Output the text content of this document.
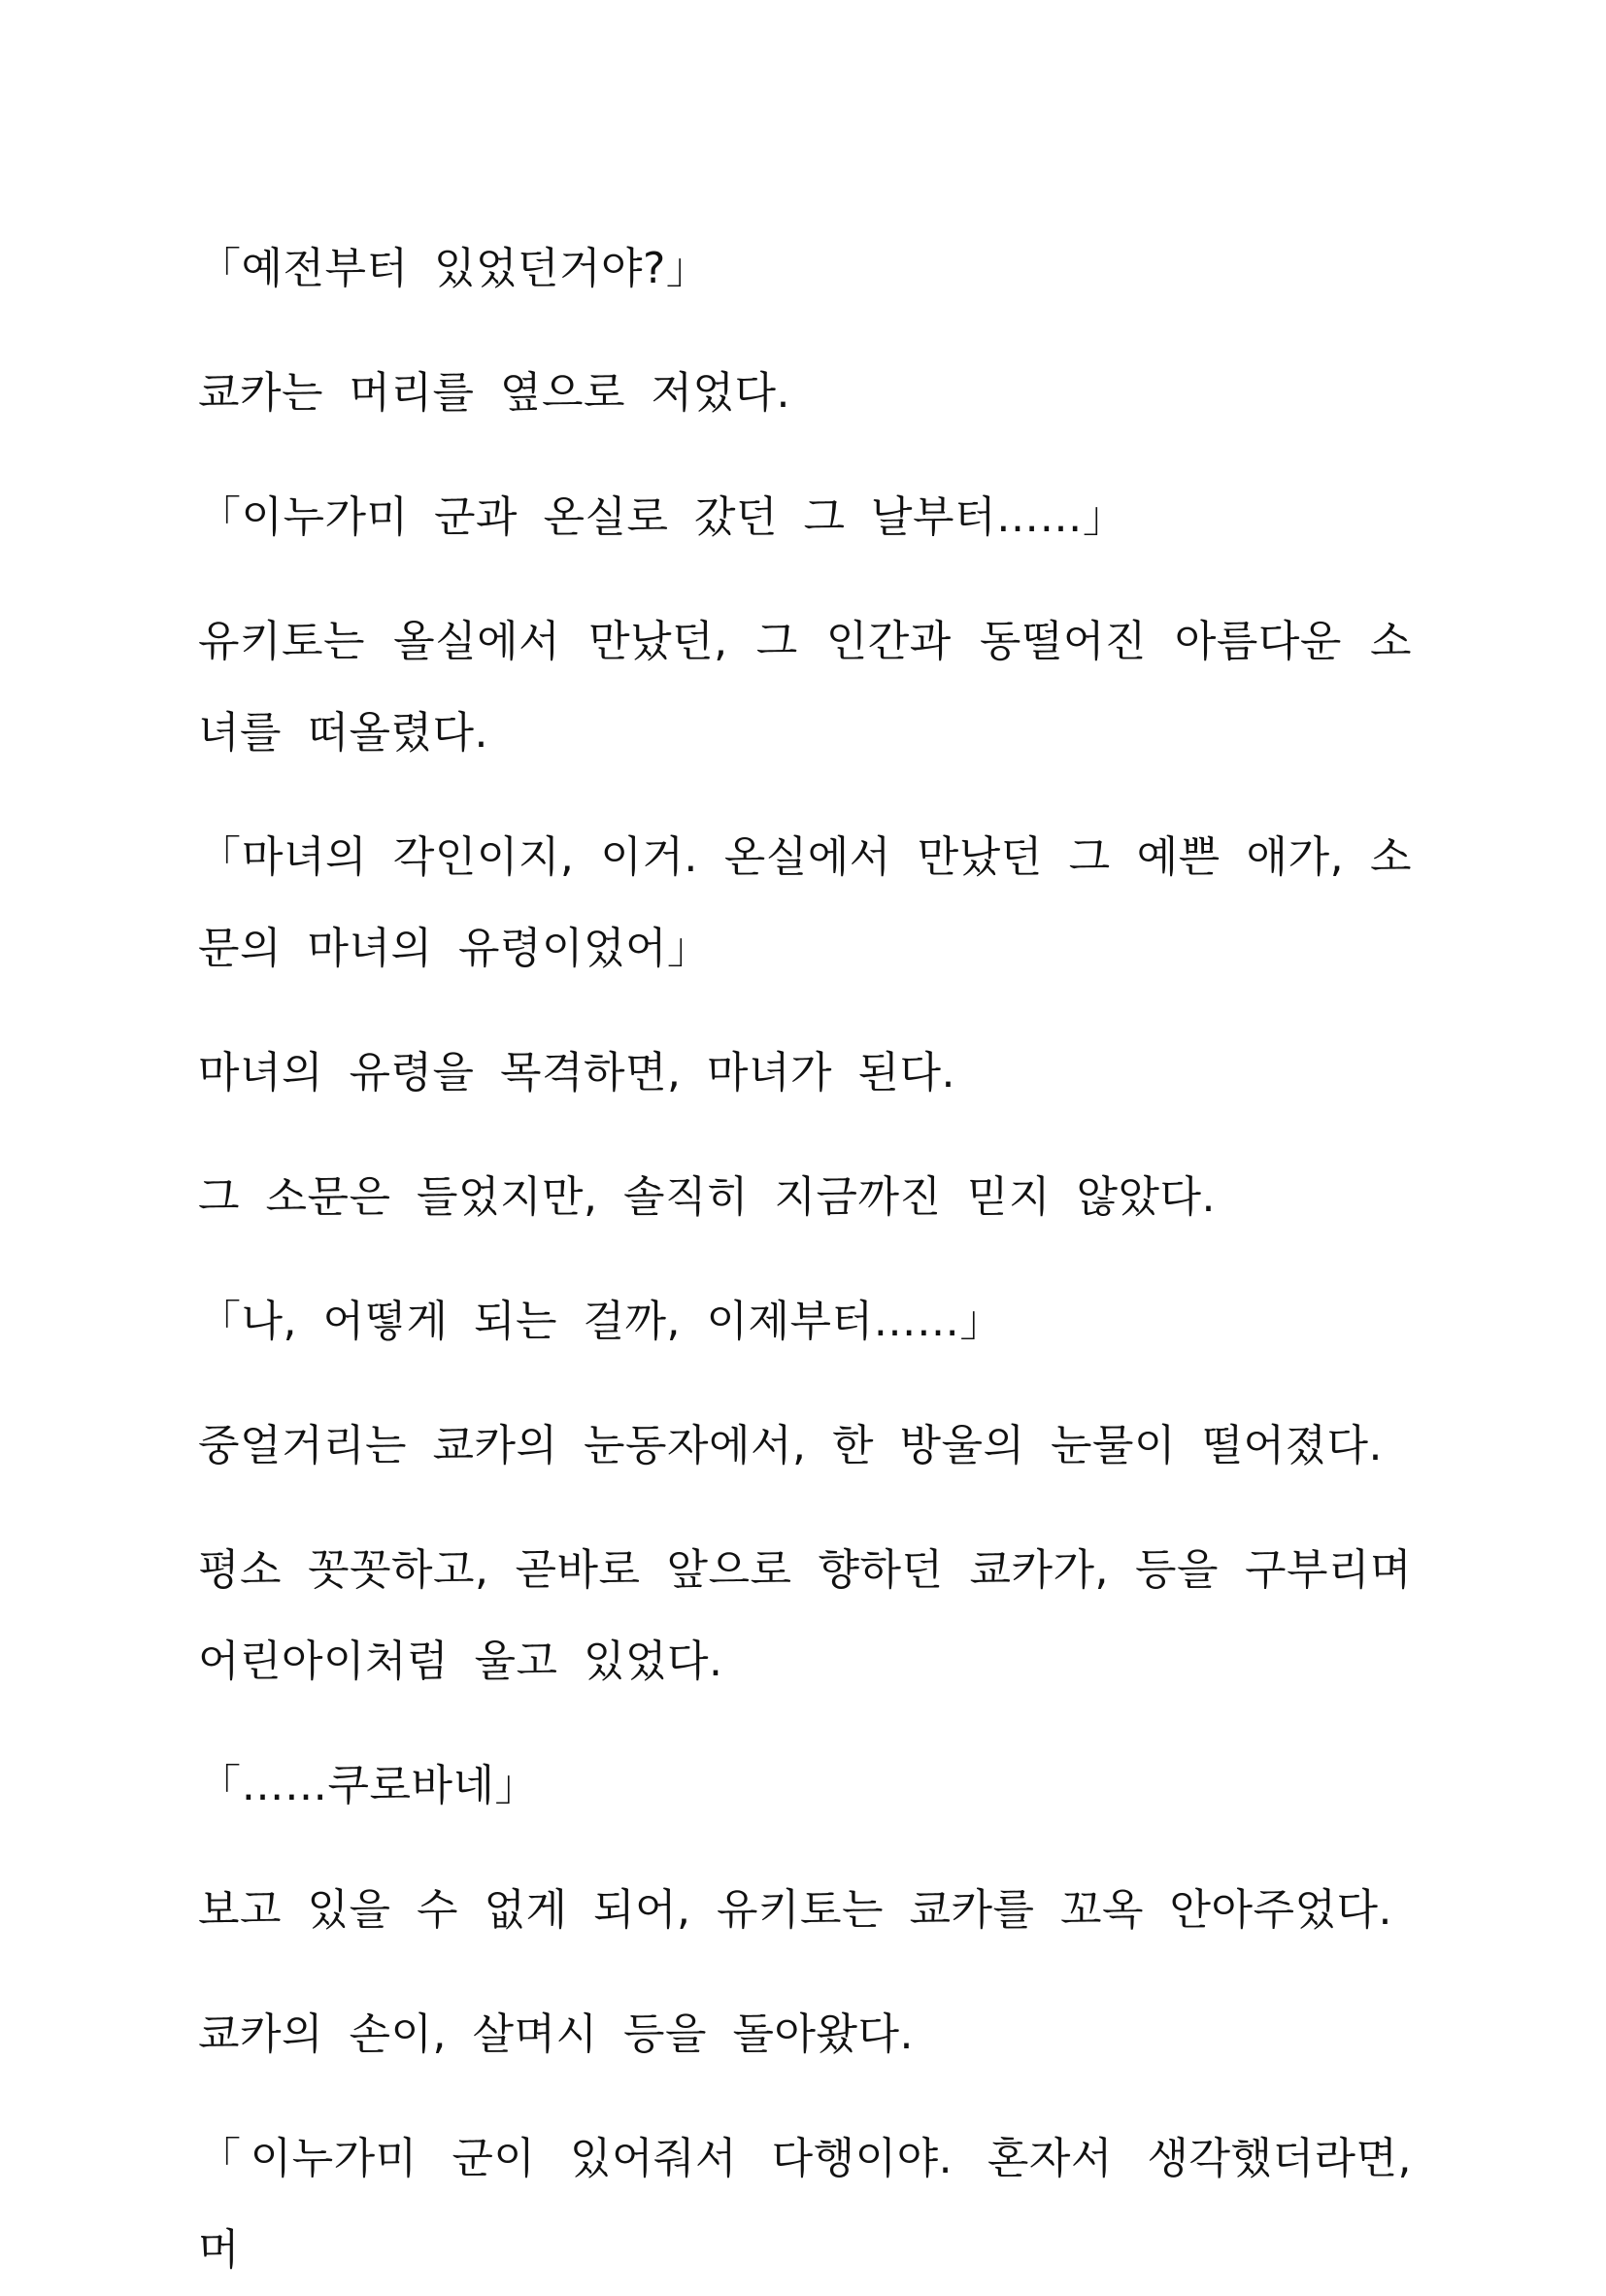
「예전부터 있었던거야?」

쿄카는 머리를 옆으로 저었다.

「이누가미 군과 온실로 갔던 그 날부터……」

유키토는 올실에서 만났던, 그 인간과 동떨어진 아름다운 소녀를 떠올렸다.

「마녀의 각인이지, 이거. 온실에서 만났던 그 예쁜 애가, 소문의 마녀의 유령이었어」

마녀의 유령을 목격하면, 마녀가 된다.

그 소문은 들었지만, 솔직히 지금까진 믿지 않았다.

「나, 어떻게 되는 걸까, 이제부터……」

중얼거리는 쿄카의 눈동자에서, 한 방울의 눈물이 떨어졌다.

평소 꼿꼿하고, 곧바로 앞으로 향하던 쿄카가, 등을 구부리며 어린아이처럼 울고 있었다.

「……쿠로바네」

보고 있을 수 없게 되어, 유키토는 쿄카를 꼬옥 안아주었다.

쿄카의 손이, 살며시 등을 돌아왔다.

「이누가미 군이 있어줘서 다행이야. 혼자서 생각했더라면, 머
